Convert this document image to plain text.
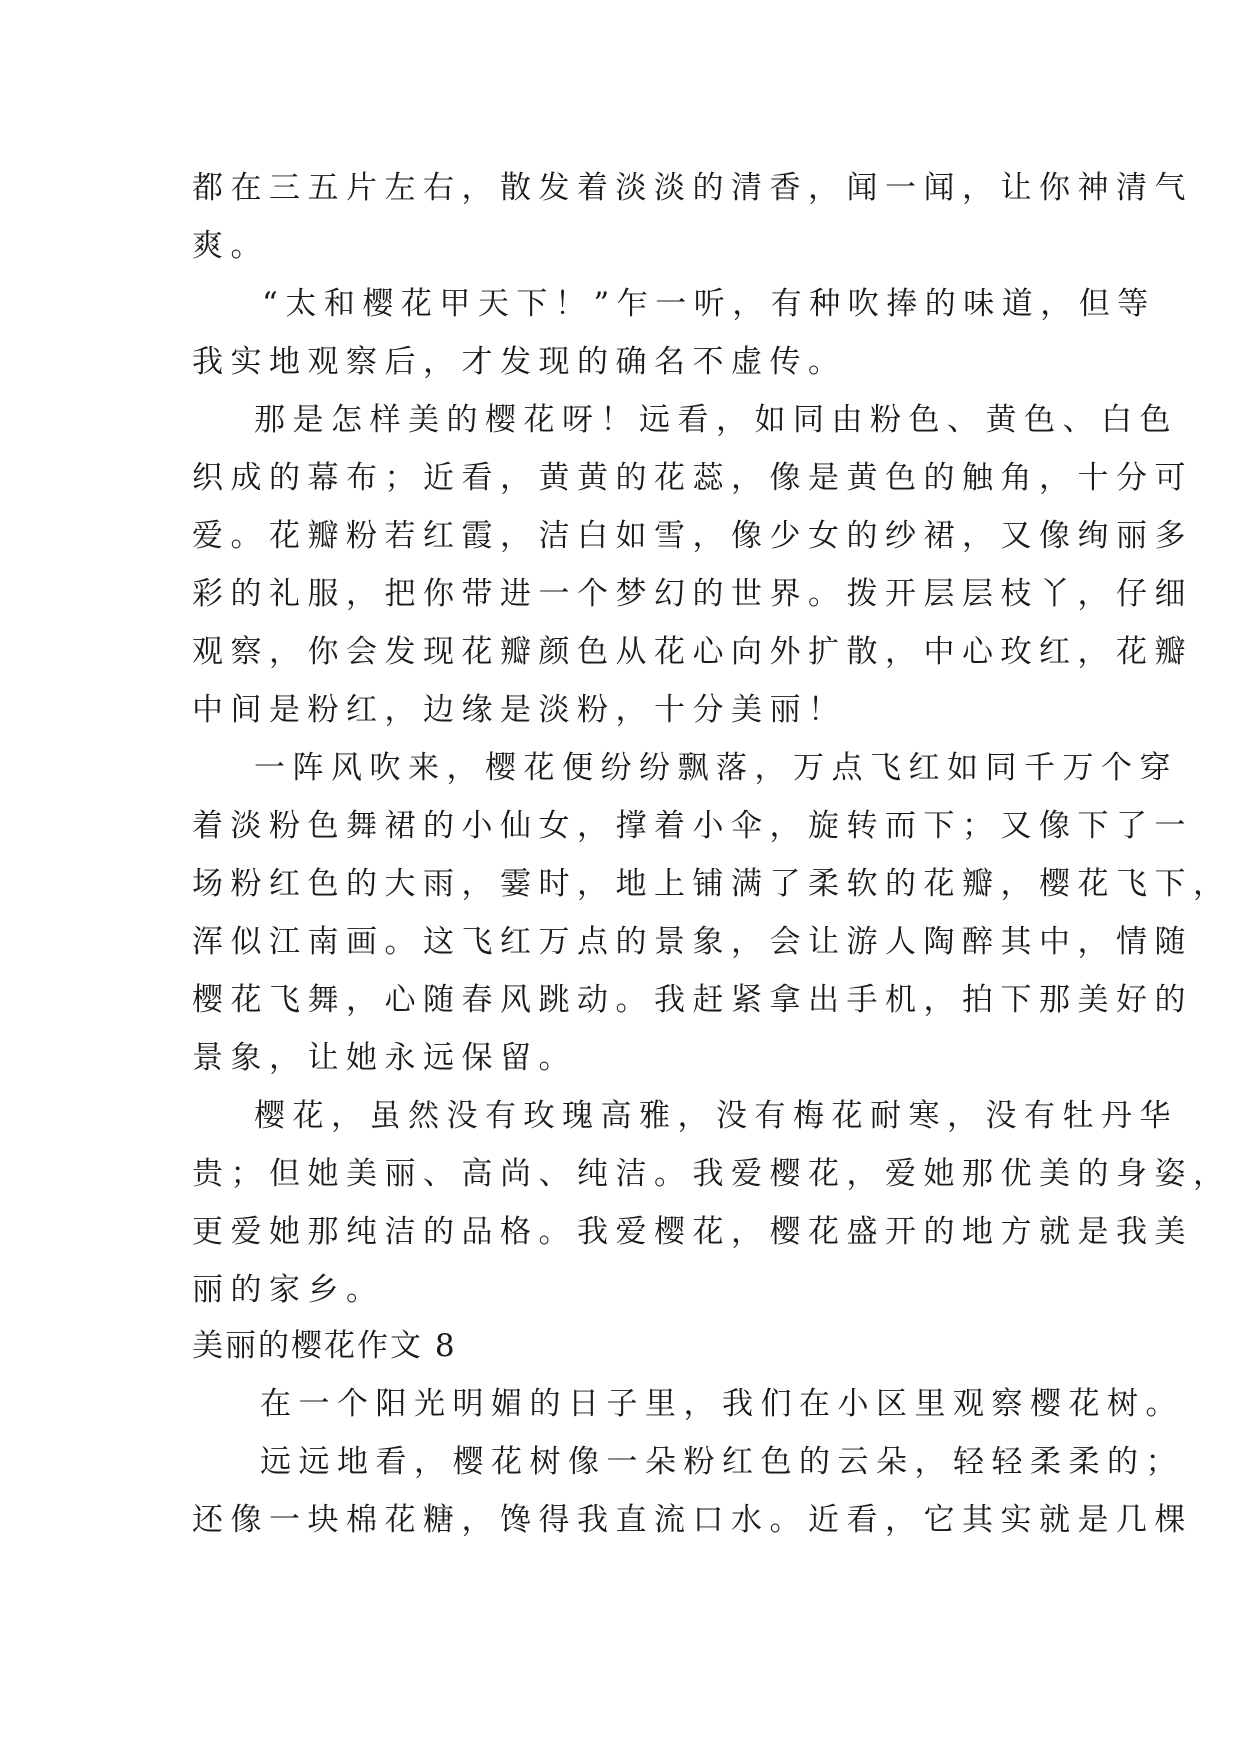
都在三五片左右，散发着淡淡的清香，闻一闻，让你神清气
爽。
“太和樱花甲天下！”乍一听，有种吹捧的味道，但等
我实地观察后，才发现的确名不虚传。
那是怎样美的樱花呀！远看，如同由粉色、黄色、白色
织成的幕布；近看，黄黄的花蕊，像是黄色的触角，十分可
爱。花瓣粉若红霞，洁白如雪，像少女的纱裙，又像绚丽多
彩的礼服，把你带进一个梦幻的世界。拨开层层枝丫，仔细
观察，你会发现花瓣颜色从花心向外扩散，中心玫红，花瓣
中间是粉红，边缘是淡粉，十分美丽！
一阵风吹来，樱花便纷纷飘落，万点飞红如同千万个穿
着淡粉色舞裙的小仙女，撑着小伞，旋转而下；又像下了一
场粉红色的大雨，霎时，地上铺满了柔软的花瓣，樱花飞下，
浑似江南画。这飞红万点的景象，会让游人陶醉其中，情随
樱花飞舞，心随春风跳动。我赶紧拿出手机，拍下那美好的
景象，让她永远保留。
樱花，虽然没有玫瑰高雅，没有梅花耐寒，没有牡丹华
贵；但她美丽、高尚、纯洁。我爱樱花，爱她那优美的身姿，
更爱她那纯洁的品格。我爱樱花，樱花盛开的地方就是我美
丽的家乡。
美丽的樱花作文 8
在一个阳光明媚的日子里，我们在小区里观察樱花树。
远远地看，樱花树像一朵粉红色的云朵，轻轻柔柔的；
还像一块棉花糖，馋得我直流口水。近看，它其实就是几棵
